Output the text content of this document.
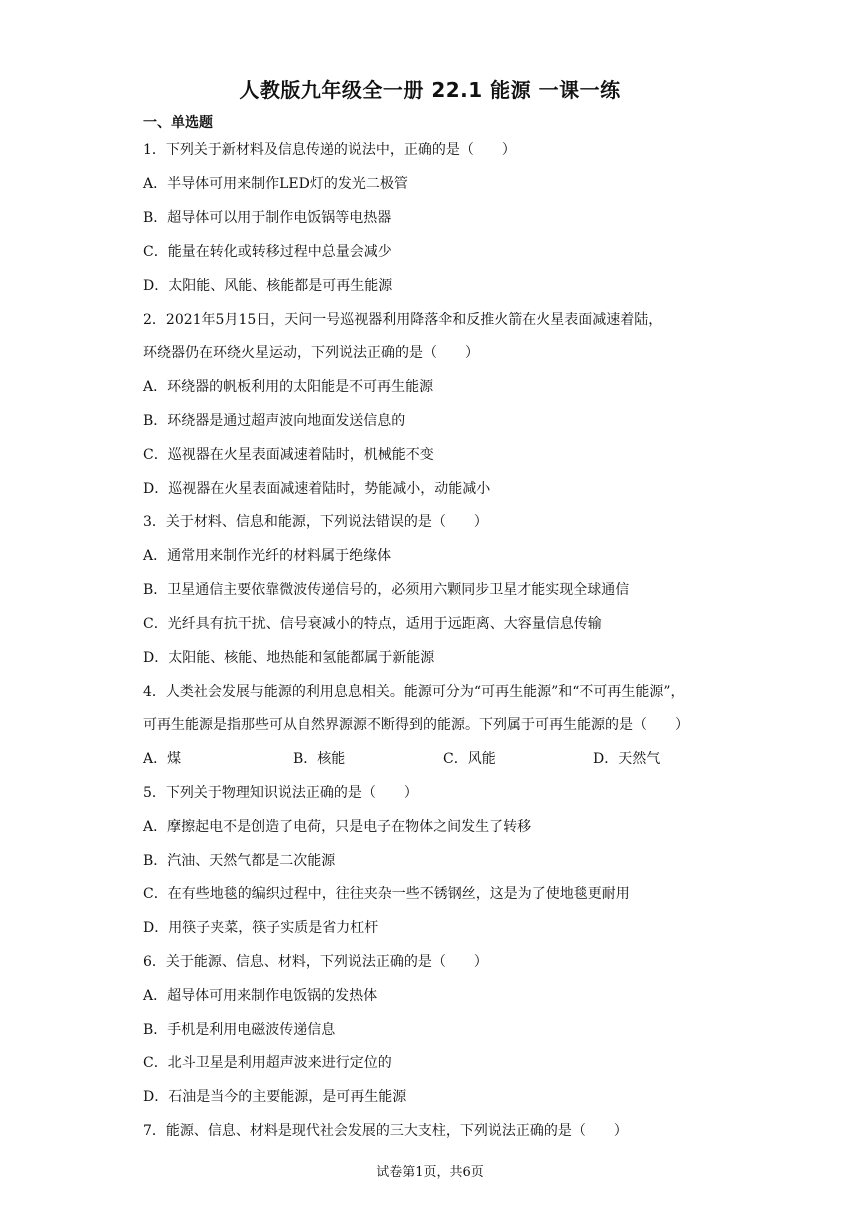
人教版九年级全一册 22.1 能源 一课一练
一、单选题
1．下列关于新材料及信息传递的说法中，正确的是（　　）
A．半导体可用来制作LED灯的发光二极管
B．超导体可以用于制作电饭锅等电热器
C．能量在转化或转移过程中总量会减少
D．太阳能、风能、核能都是可再生能源
2．2021年5月15日，天问一号巡视器利用降落伞和反推火箭在火星表面减速着陆，
环绕器仍在环绕火星运动，下列说法正确的是（　　）
A．环绕器的帆板利用的太阳能是不可再生能源
B．环绕器是通过超声波向地面发送信息的
C．巡视器在火星表面减速着陆时，机械能不变
D．巡视器在火星表面减速着陆时，势能减小，动能减小
3．关于材料、信息和能源，下列说法错误的是（　　）
A．通常用来制作光纤的材料属于绝缘体
B．卫星通信主要依靠微波传递信号的，必须用六颗同步卫星才能实现全球通信
C．光纤具有抗干扰、信号衰减小的特点，适用于远距离、大容量信息传输
D．太阳能、核能、地热能和氢能都属于新能源
4．人类社会发展与能源的利用息息相关。能源可分为“可再生能源”和“不可再生能源”，
可再生能源是指那些可从自然界源源不断得到的能源。下列属于可再生能源的是（　　）
A．煤	B．核能	C．风能	D．天然气
5．下列关于物理知识说法正确的是（　　）
A．摩擦起电不是创造了电荷，只是电子在物体之间发生了转移
B．汽油、天然气都是二次能源
C．在有些地毯的编织过程中，往往夹杂一些不锈钢丝，这是为了使地毯更耐用
D．用筷子夹菜，筷子实质是省力杠杆
6．关于能源、信息、材料，下列说法正确的是（　　）
A．超导体可用来制作电饭锅的发热体
B．手机是利用电磁波传递信息
C．北斗卫星是利用超声波来进行定位的
D．石油是当今的主要能源，是可再生能源
7．能源、信息、材料是现代社会发展的三大支柱，下列说法正确的是（　　）
试卷第1页，共6页
